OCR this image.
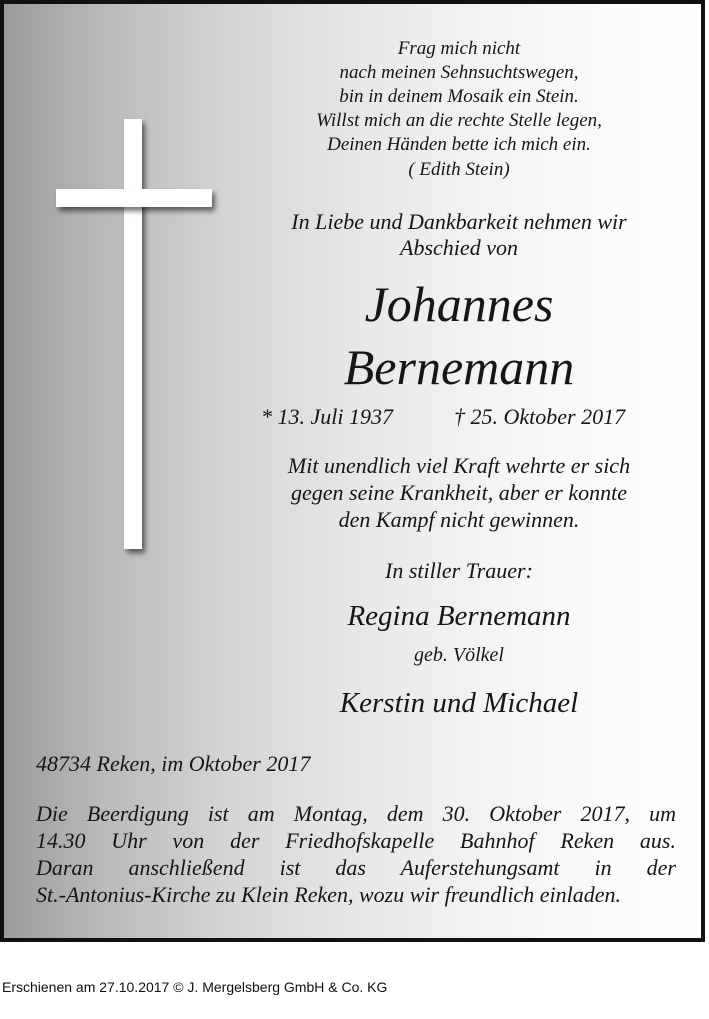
Frag mich nicht
nach meinen Sehnsuchtswegen,
bin in deinem Mosaik ein Stein.
Willst mich an die rechte Stelle legen,
Deinen Händen bette ich mich ein.
( Edith Stein)
In Liebe und Dankbarkeit nehmen wir
Abschied von
Johannes
Bernemann
* 13. Juli 1937	† 25. Oktober 2017
Mit unendlich viel Kraft wehrte er sich
gegen seine Krankheit, aber er konnte
den Kampf nicht gewinnen.
In stiller Trauer:
Regina Bernemann
geb. Völkel
Kerstin und Michael
48734 Reken, im Oktober 2017
Die Beerdigung ist am Montag, dem 30. Oktober 2017, um
14.30 Uhr von der Friedhofskapelle Bahnhof Reken aus.
Daran anschließend ist das Auferstehungsamt in der
St.-Antonius-Kirche zu Klein Reken, wozu wir freundlich einladen.
Erschienen am 27.10.2017 © J. Mergelsberg GmbH & Co. KG
